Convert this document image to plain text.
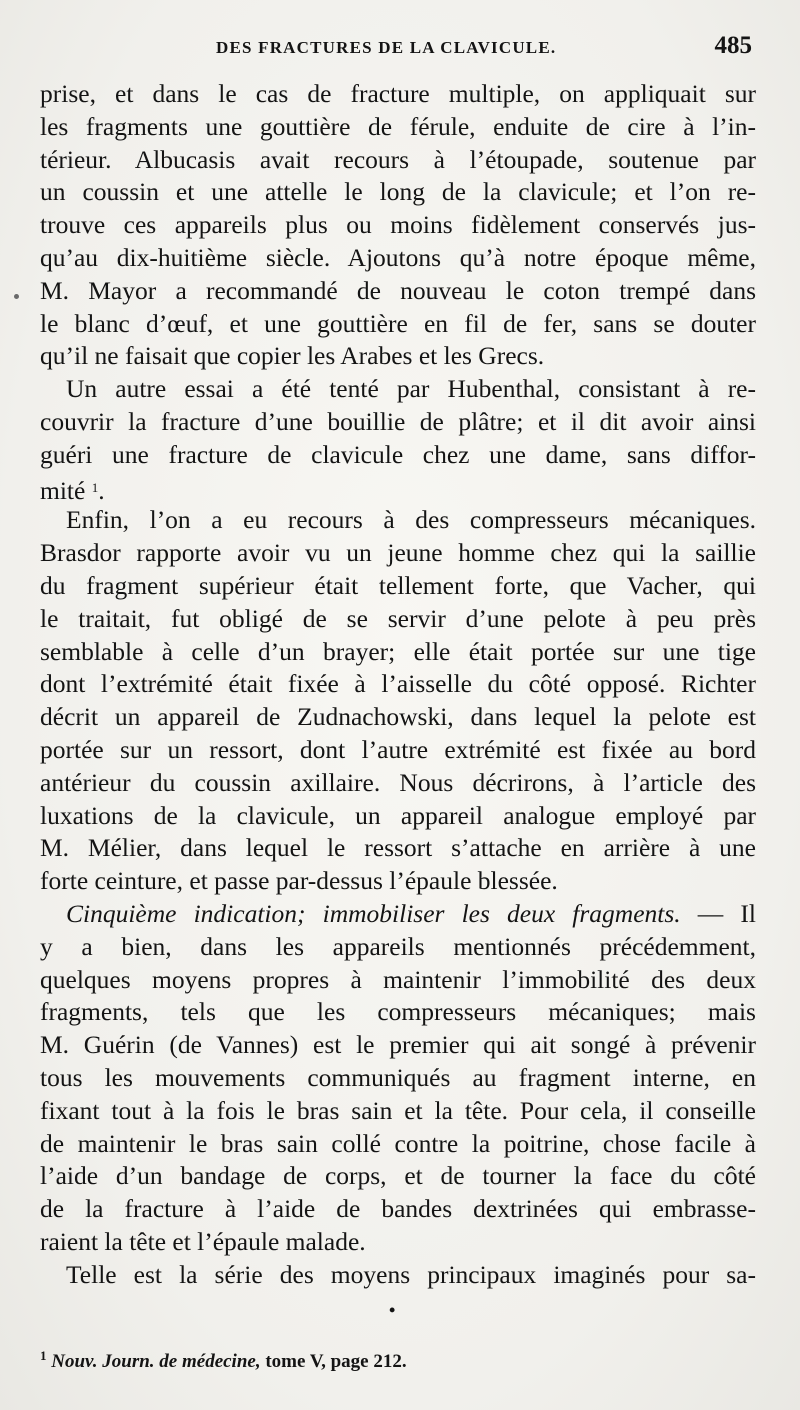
DES FRACTURES DE LA CLAVICULE.	485
prise, et dans le cas de fracture multiple, on appliquait sur
les fragments une gouttière de férule, enduite de cire à l’in-
térieur. Albucasis avait recours à l’étoupade, soutenue par
un coussin et une attelle le long de la clavicule; et l’on re-
trouve ces appareils plus ou moins fidèlement conservés jus-
qu’au dix-huitième siècle. Ajoutons qu’à notre époque même,
M. Mayor a recommandé de nouveau le coton trempé dans
le blanc d’œuf, et une gouttière en fil de fer, sans se douter
qu’il ne faisait que copier les Arabes et les Grecs.
Un autre essai a été tenté par Hubenthal, consistant à re-
couvrir la fracture d’une bouillie de plâtre; et il dit avoir ainsi
guéri une fracture de clavicule chez une dame, sans diffor-
mité $^1$.
Enfin, l’on a eu recours à des compresseurs mécaniques.
Brasdor rapporte avoir vu un jeune homme chez qui la saillie
du fragment supérieur était tellement forte, que Vacher, qui
le traitait, fut obligé de se servir d’une pelote à peu près
semblable à celle d’un brayer; elle était portée sur une tige
dont l’extrémité était fixée à l’aisselle du côté opposé. Richter
décrit un appareil de Zudnachowski, dans lequel la pelote est
portée sur un ressort, dont l’autre extrémité est fixée au bord
antérieur du coussin axillaire. Nous décrirons, à l’article des
luxations de la clavicule, un appareil analogue employé par
M. Mélier, dans lequel le ressort s’attache en arrière à une
forte ceinture, et passe par-dessus l’épaule blessée.
Cinquième indication; immobiliser les deux fragments. — Il
y a bien, dans les appareils mentionnés précédemment,
quelques moyens propres à maintenir l’immobilité des deux
fragments, tels que les compresseurs mécaniques; mais
M. Guérin (de Vannes) est le premier qui ait songé à prévenir
tous les mouvements communiqués au fragment interne, en
fixant tout à la fois le bras sain et la tête. Pour cela, il conseille
de maintenir le bras sain collé contre la poitrine, chose facile à
l’aide d’un bandage de corps, et de tourner la face du côté
de la fracture à l’aide de bandes dextrinées qui embrasse-
raient la tête et l’épaule malade.
Telle est la série des moyens principaux imaginés pour sa-
•
$^1$ Nouv. Journ. de médecine, tome V, page 212.
